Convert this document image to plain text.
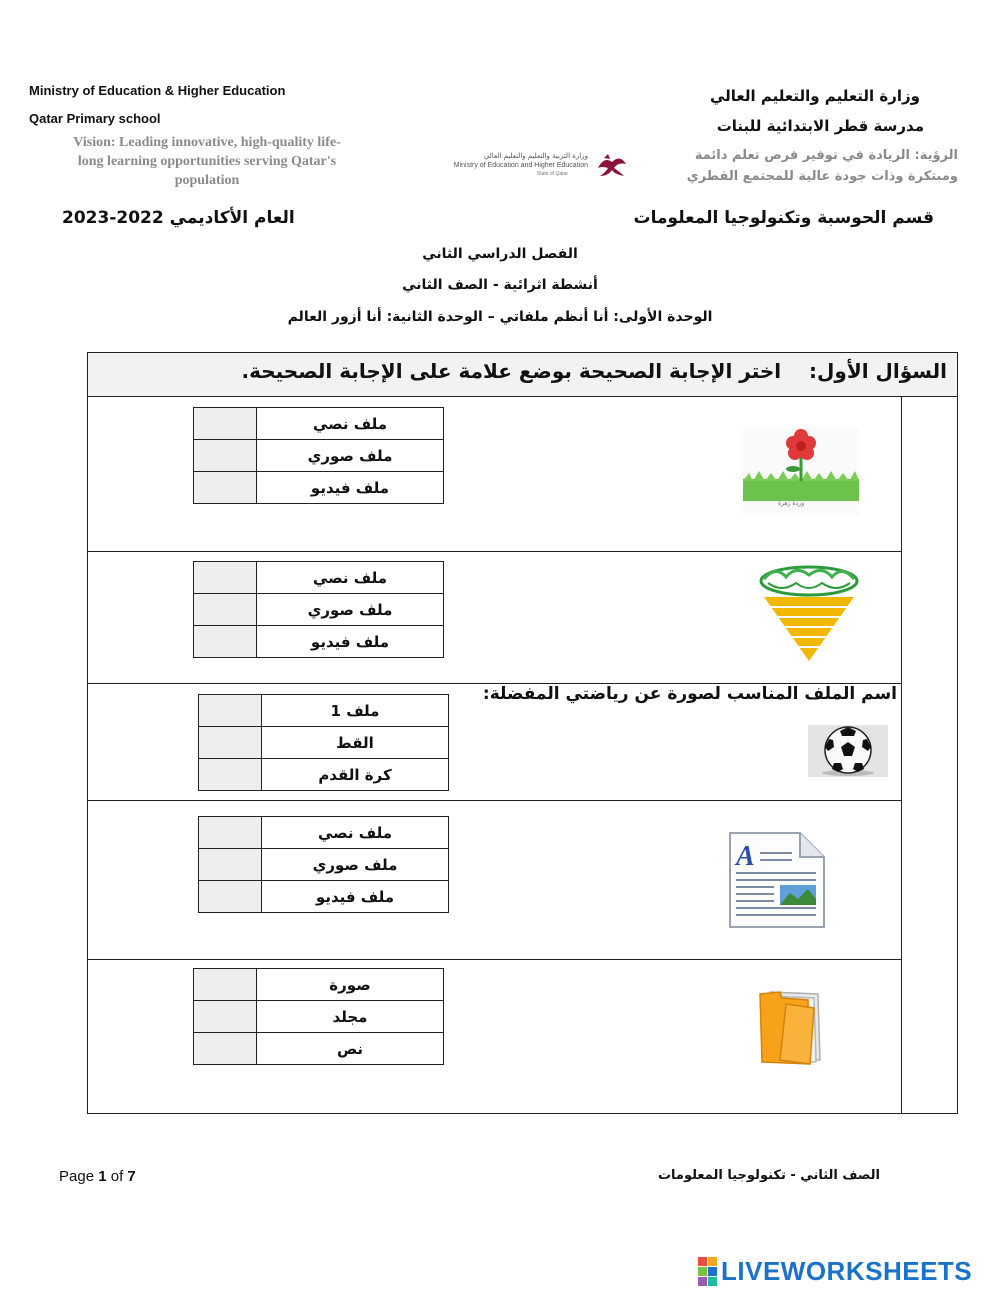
Ministry of Education & Higher Education
Qatar Primary school
Vision: Leading innovative, high-quality life-
long learning opportunities serving Qatar's
population
وزارة التربية والتعليم والتعليم العالي
Ministry of Education and Higher Education
State of Qatar
وزارة التعليم والتعليم العالي
مدرسة قطر الابتدائية للبنات
الرؤية: الريادة في توفير فرص تعلم دائمة
ومبتكرة وذات جودة عالية للمجتمع القطري
قسم الحوسبة وتكنولوجيا المعلومات
العام الأكاديمي 2022-2023
الفصل الدراسي الثاني
أنشطة اثرائية - الصف الثاني
الوحدة الأولى: أنا أنظم ملفاتي – الوحدة الثانية: أنا أزور العالم
السؤال الأول:    اختر الإجابة الصحيحة بوضع علامة على الإجابة الصحيحة.
وردة زهرة
	ملف نصي
	ملف صوري
	ملف فيديو
	ملف نصي
	ملف صوري
	ملف فيديو
اسم الملف المناسب لصورة عن رياضتي المفضلة:
	ملف 1
	القط
	كرة القدم
A
	ملف نصي
	ملف صوري
	ملف فيديو
	صورة
	مجلد
	نص
Page 1 of 7	الصف الثاني - تكنولوجيا المعلومات
LIVEWORKSHEETS
